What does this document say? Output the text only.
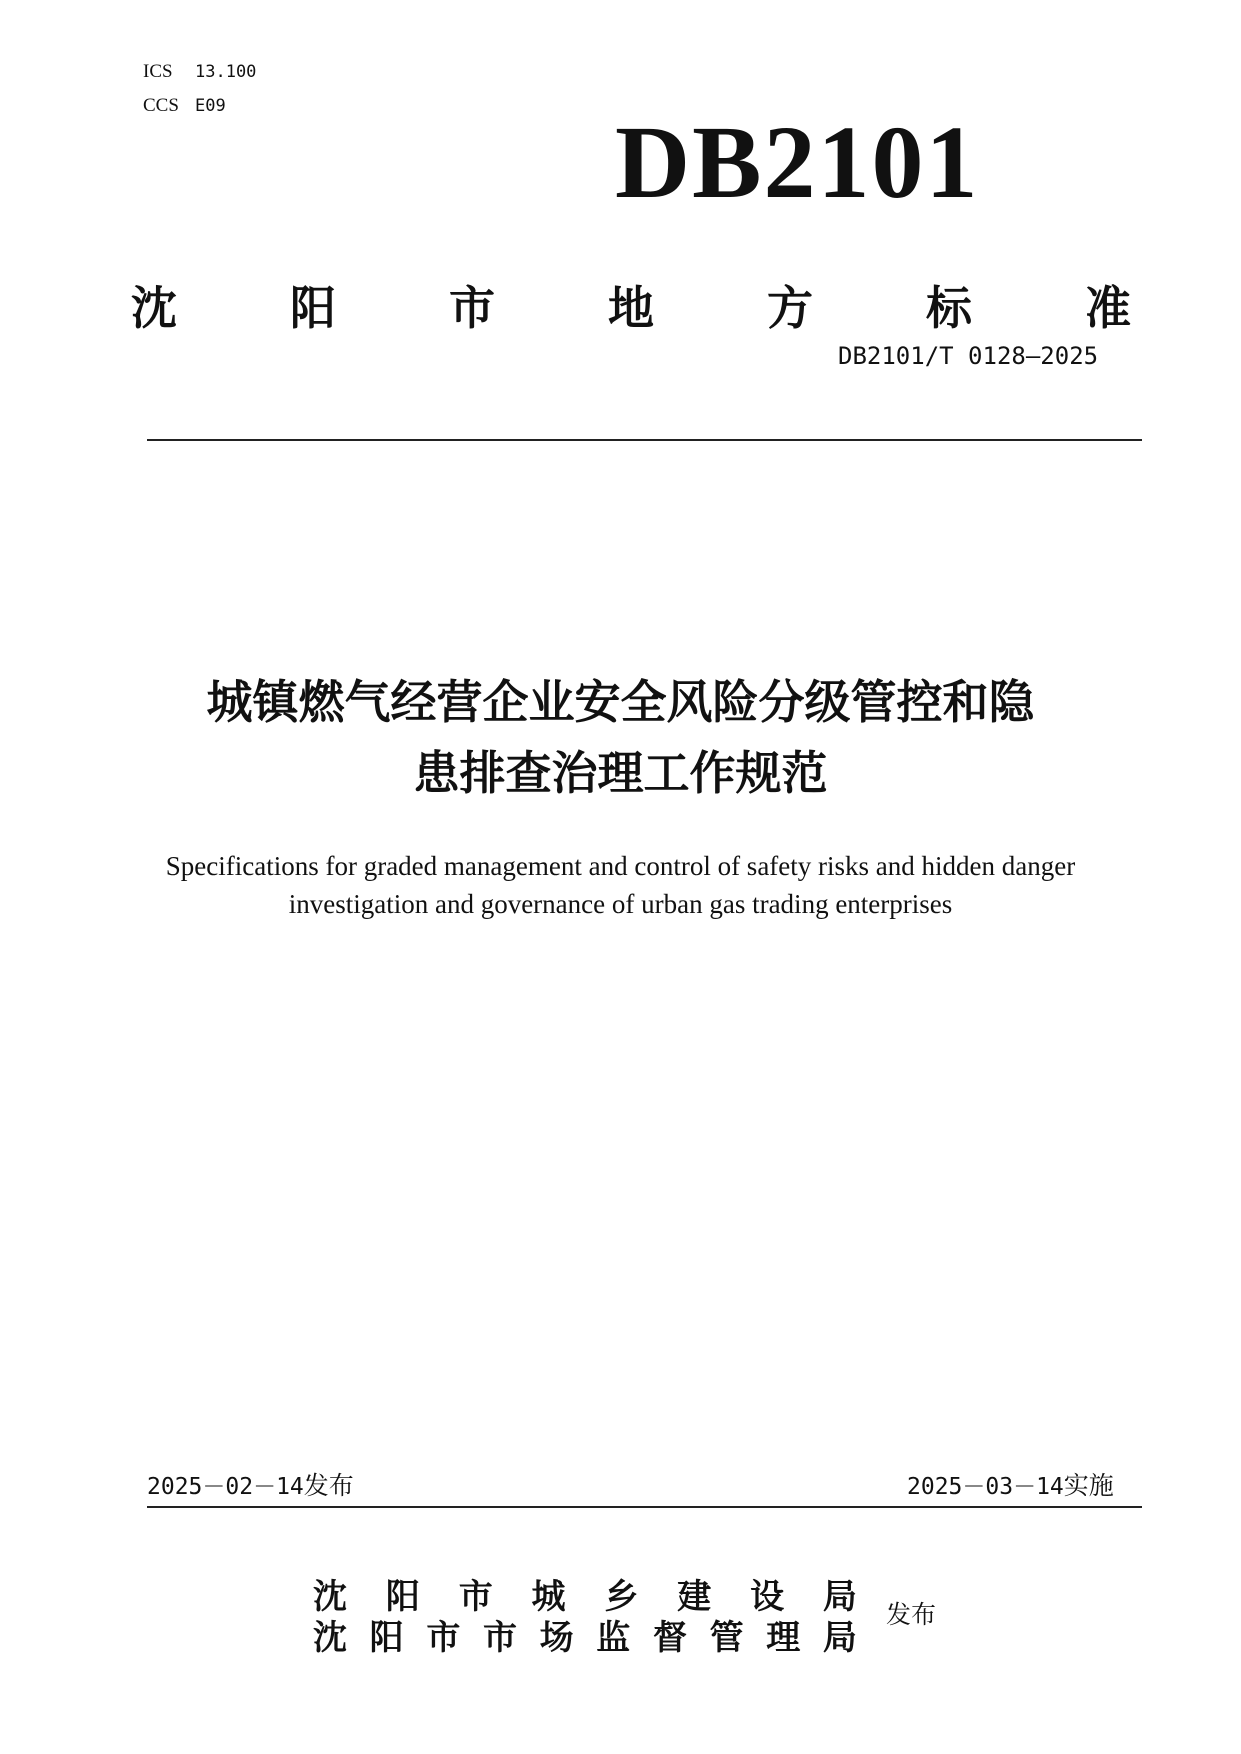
ICS 13.100
CCS E09	DB2101
沈 阳 市 地 方 标 准
DB2101/T 0128—2025
城镇燃气经营企业安全风险分级管控和隐
患排查治理工作规范
Specifications for graded management and control of safety risks and hidden danger
investigation and governance of urban gas trading enterprises
2025－02－14发布	2025－03－14实施
沈 阳 市 城 乡 建 设 局
沈 阳 市 市 场 监 督 管 理 局
发布
